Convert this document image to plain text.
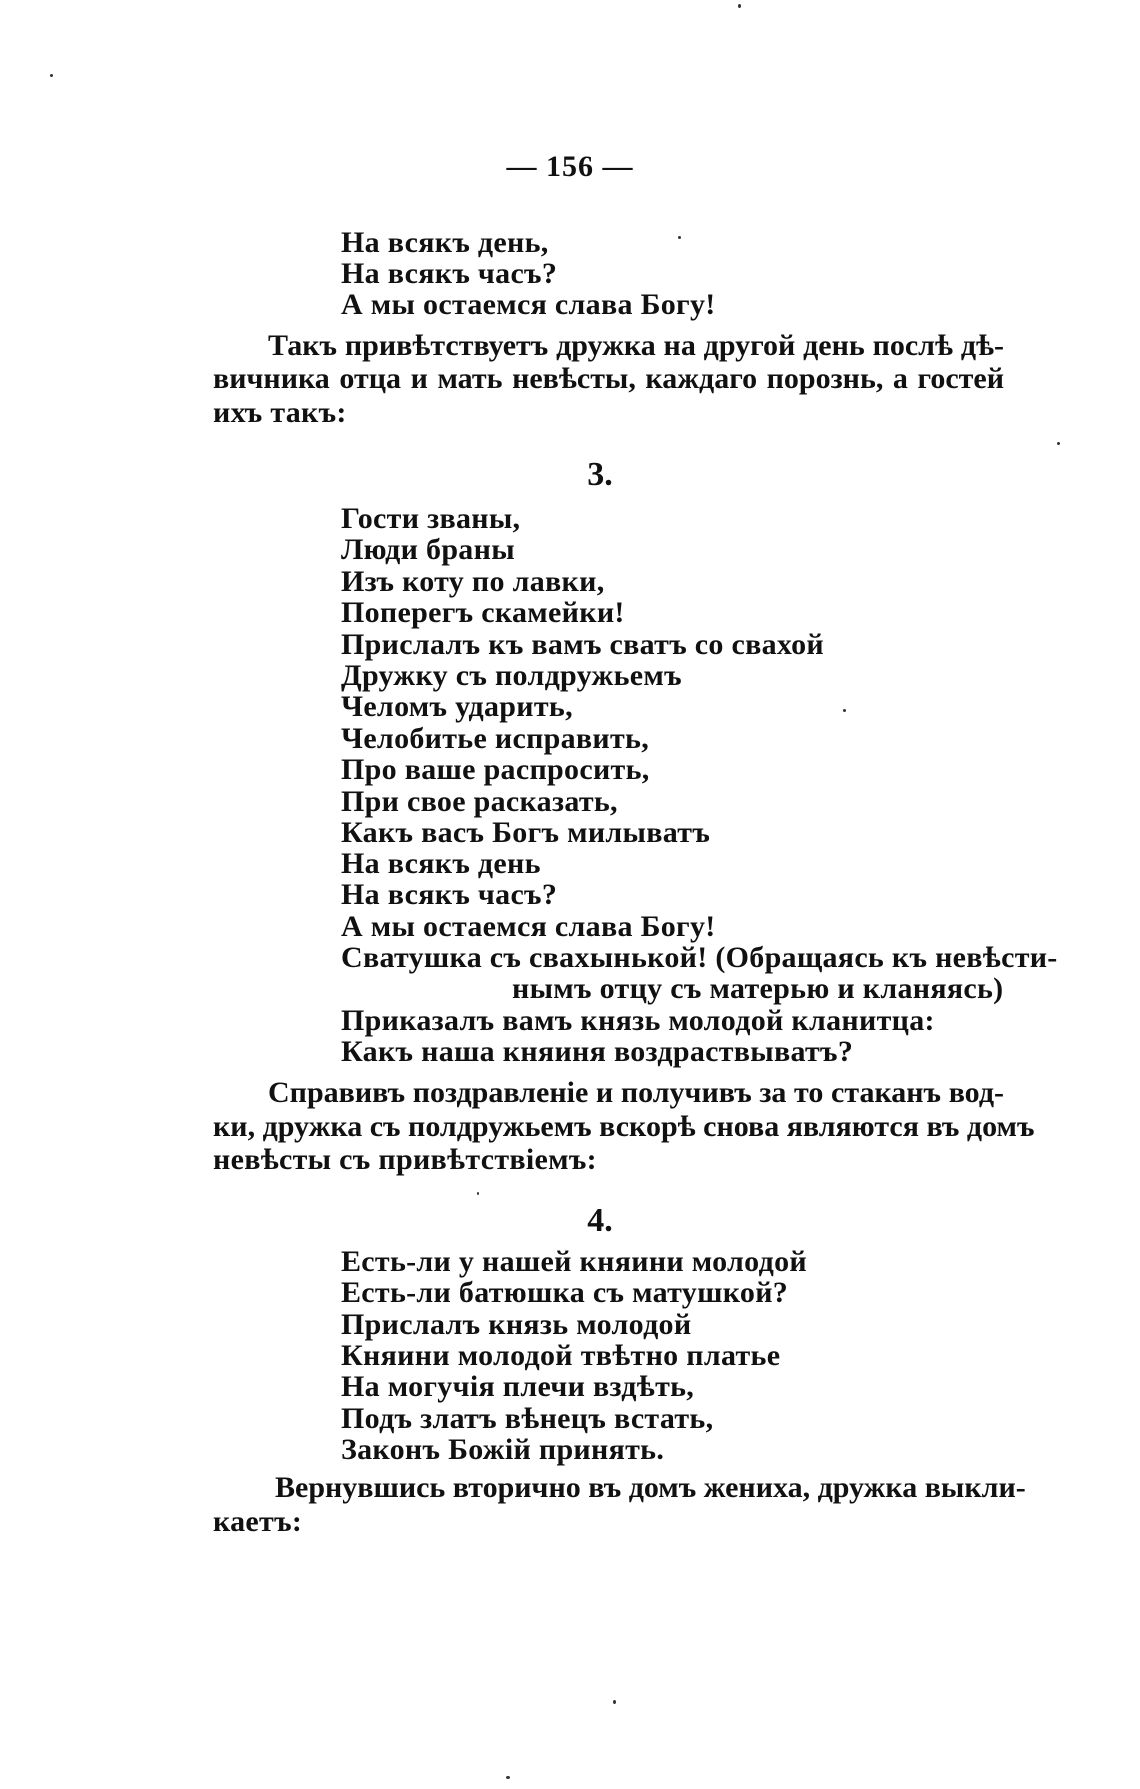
— 156 —
На всякъ день,
На всякъ часъ?
А мы остаемся слава Богу!
Такъ привѣтствуетъ дружка на другой день послѣ дѣ-
вичника отца и мать невѣсты, каждаго порознь, а гостей
ихъ такъ:
3.
Гости званы,
Люди браны
Изъ коту по лавки,
Поперегъ скамейки!
Прислалъ къ вамъ сватъ со свахой
Дружку съ полдружьемъ
Челомъ ударить,
Челобитье исправить,
Про ваше распросить,
При свое расказать,
Какъ васъ Богъ милыватъ
На всякъ день
На всякъ часъ?
А мы остаемся слава Богу!
Сватушка съ свахынькой! (Обращаясь къ невѣсти-
нымъ отцу съ матерью и кланяясь)
Приказалъ вамъ князь молодой кланитца:
Какъ наша княиня воздраствыватъ?
Справивъ поздравленіе и получивъ за то стаканъ вод-
ки, дружка съ полдружьемъ вскорѣ снова являются въ домъ
невѣсты съ привѣтствіемъ:
4.
Есть-ли у нашей княини молодой
Есть-ли батюшка съ матушкой?
Прислалъ князь молодой
Княини молодой твѣтно платье
На могучія плечи вздѣть,
Подъ златъ вѣнецъ встать,
Законъ Божій принять.
Вернувшись вторично въ домъ жениха, дружка выкли-
каетъ:
